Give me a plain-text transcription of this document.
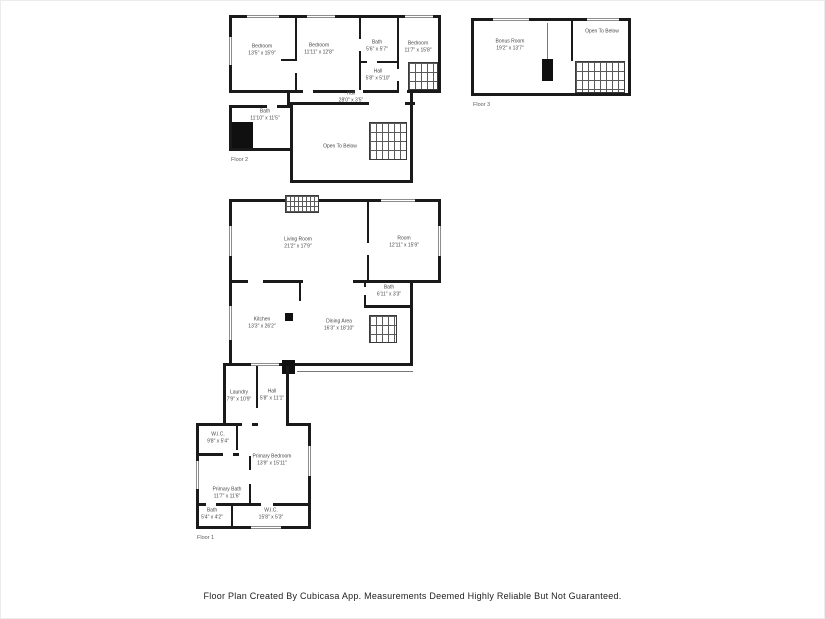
Bedroom
13'5" x 15'9"
Bedroom
11'11" x 12'8"
Bath
5'6" x 5'7"
Bedroom
11'7" x 15'8"
Hall
5'8" x 5'10"
Hall
28'0" x 3'5"
Bath
11'10" x 11'5"
Open To Below
Floor 2
Bonus Room
19'2" x 13'7"
Open To Below
Floor 3
Living Room
21'2" x 17'9"
Room
12'11" x 15'9"
Bath
6'11" x 3'3"
Kitchen
13'3" x 26'2"
Dining Area
16'3" x 18'10"
Laundry
7'9" x 10'9"
Hall
5'8" x 11'1"
W.I.C.
9'8" x 5'4"
Primary Bedroom
13'9" x 15'11"
Primary Bath
11'7" x 11'6"
Bath
5'4" x 4'2"
W.I.C.
15'8" x 5'3"
Floor 1
Floor Plan Created By Cubicasa App. Measurements Deemed Highly Reliable But Not Guaranteed.
